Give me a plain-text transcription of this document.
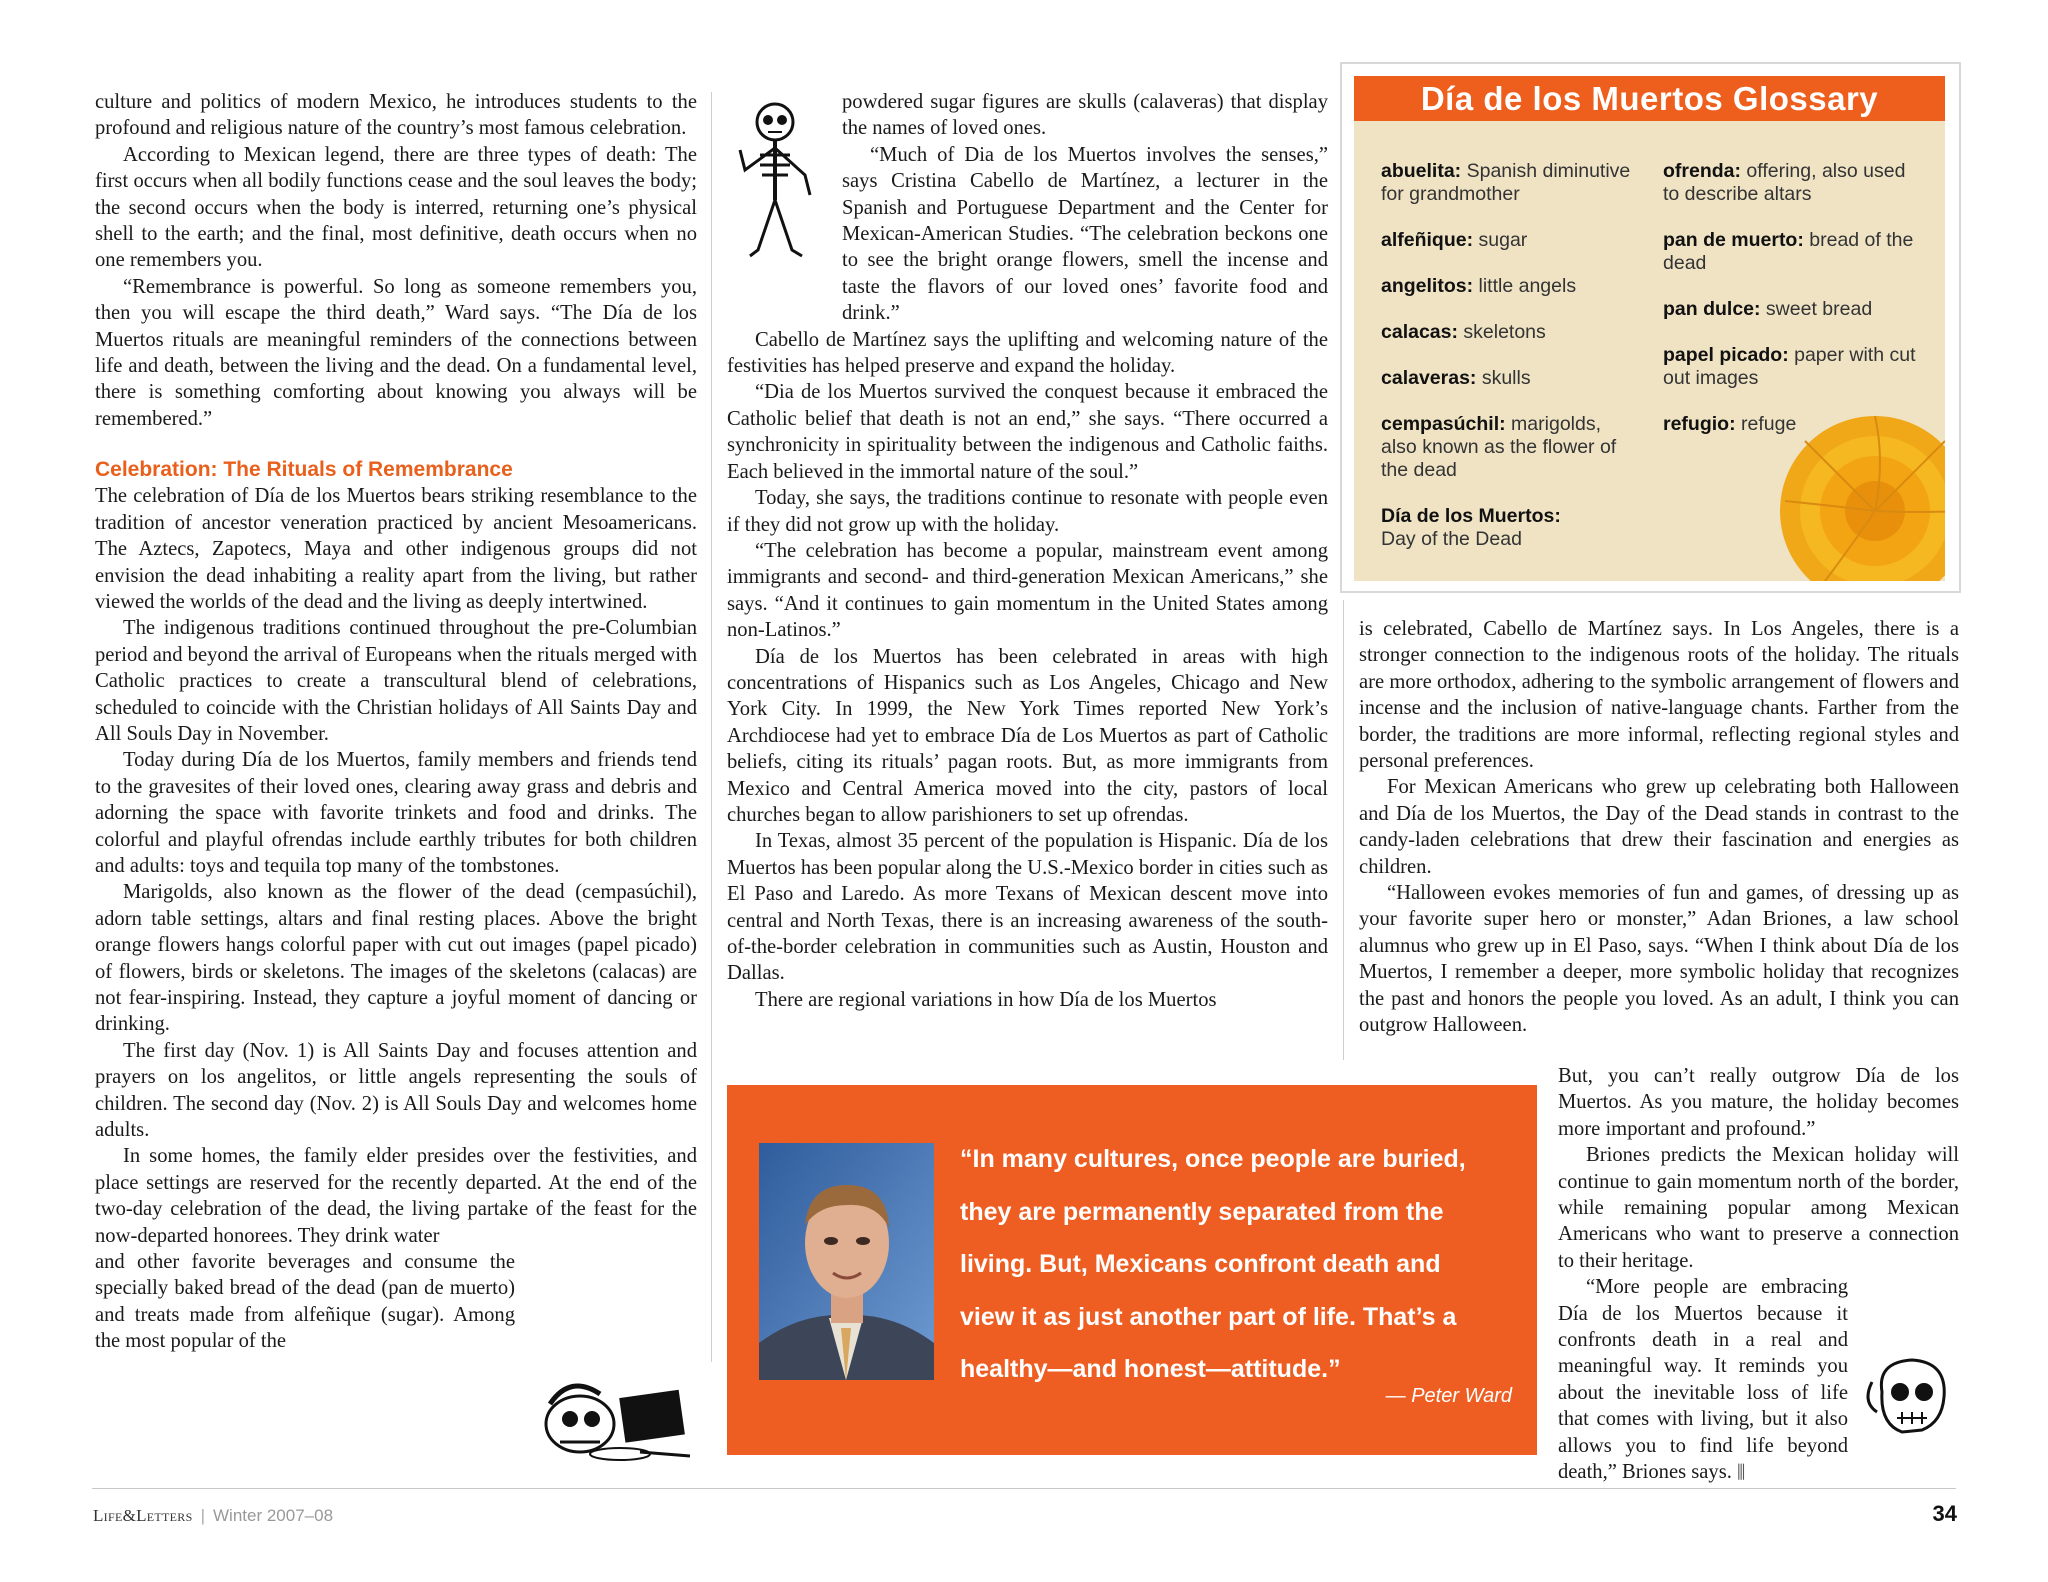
culture and politics of modern Mexico, he introduces students to the profound and religious nature of the country’s most famous celebration.

According to Mexican legend, there are three types of death: The first occurs when all bodily functions cease and the soul leaves the body; the second occurs when the body is interred, returning one’s physical shell to the earth; and the final, most definitive, death occurs when no one remembers you.

“Remembrance is powerful. So long as someone remembers you, then you will escape the third death,” Ward says. “The Día de los Muertos rituals are meaningful reminders of the connections between life and death, between the living and the dead. On a fundamental level, there is something comforting about knowing you always will be remembered.”

Celebration: The Rituals of Remembrance

The celebration of Día de los Muertos bears striking resemblance to the tradition of ancestor veneration practiced by ancient Mesoamericans. The Aztecs, Zapotecs, Maya and other indigenous groups did not envision the dead inhabiting a reality apart from the living, but rather viewed the worlds of the dead and the living as deeply intertwined.

The indigenous traditions continued throughout the pre-Columbian period and beyond the arrival of Europeans when the rituals merged with Catholic practices to create a transcultural blend of celebrations, scheduled to coincide with the Christian holidays of All Saints Day and All Souls Day in November.

Today during Día de los Muertos, family members and friends tend to the gravesites of their loved ones, clearing away grass and debris and adorning the space with favorite trinkets and food and drinks. The colorful and playful ofrendas include earthly tributes for both children and adults: toys and tequila top many of the tombstones.

Marigolds, also known as the flower of the dead (cempasúchil), adorn table settings, altars and final resting places. Above the bright orange flowers hangs colorful paper with cut out images (papel picado) of flowers, birds or skeletons. The images of the skeletons (calacas) are not fear-inspiring. Instead, they capture a joyful moment of dancing or drinking.

The first day (Nov. 1) is All Saints Day and focuses attention and prayers on los angelitos, or little angels representing the souls of children. The second day (Nov. 2) is All Souls Day and welcomes home adults.

In some homes, the family elder presides over the festivities, and place settings are reserved for the recently departed. At the end of the two-day celebration of the dead, the living partake of the feast for the now-departed honorees. They drink water

and other favorite beverages and consume the specially baked bread of the dead (pan de muerto) and treats made from alfeñique (sugar). Among the most popular of the

powdered sugar figures are skulls (calaveras) that display the names of loved ones.

“Much of Dia de los Muertos involves the senses,” says Cristina Cabello de Martínez, a lecturer in the Spanish and Portuguese Department and the Center for Mexican-American Studies. “The celebration beckons one to see the bright orange flowers, smell the incense and taste the flavors of our loved ones’ favorite food and drink.”

Cabello de Martínez says the uplifting and welcoming nature of the festivities has helped preserve and expand the holiday.

“Dia de los Muertos survived the conquest because it embraced the Catholic belief that death is not an end,” she says. “There occurred a synchronicity in spirituality between the indigenous and Catholic faiths. Each believed in the immortal nature of the soul.”

Today, she says, the traditions continue to resonate with people even if they did not grow up with the holiday.

“The celebration has become a popular, mainstream event among immigrants and second- and third-generation Mexican Americans,” she says. “And it continues to gain momentum in the United States among non-Latinos.”

Día de los Muertos has been celebrated in areas with high concentrations of Hispanics such as Los Angeles, Chicago and New York City. In 1999, the New York Times reported New York’s Archdiocese had yet to embrace Día de Los Muertos as part of Catholic beliefs, citing its rituals’ pagan roots. But, as more immigrants from Mexico and Central America moved into the city, pastors of local churches began to allow parishioners to set up ofrendas.

In Texas, almost 35 percent of the population is Hispanic. Día de los Muertos has been popular along the U.S.-Mexico border in cities such as El Paso and Laredo. As more Texans of Mexican descent move into central and North Texas, there is an increasing awareness of the south-of-the-border celebration in communities such as Austin, Houston and Dallas.

There are regional variations in how Día de los Muertos

Día de los Muertos Glossary
abuelita: Spanish diminutive for grandmother
alfeñique: sugar
angelitos: little angels
calacas: skeletons
calaveras: skulls
cempasúchil: marigolds, also known as the flower of the dead
Día de los Muertos:
Day of the Dead
ofrenda: offering, also used to describe altars
pan de muerto: bread of the dead
pan dulce: sweet bread
papel picado: paper with cut out images
refugio: refuge

is celebrated, Cabello de Martínez says. In Los Angeles, there is a stronger connection to the indigenous roots of the holiday. The rituals are more orthodox, adhering to the symbolic arrangement of flowers and incense and the inclusion of native-language chants. Farther from the border, the traditions are more informal, reflecting regional styles and personal preferences.

For Mexican Americans who grew up celebrating both Halloween and Día de los Muertos, the Day of the Dead stands in contrast to the candy-laden celebrations that drew their fascination and energies as children.

“Halloween evokes memories of fun and games, of dressing up as your favorite super hero or monster,” Adan Briones, a law school alumnus who grew up in El Paso, says. “When I think about Día de los Muertos, I remember a deeper, more symbolic holiday that recognizes the past and honors the people you loved. As an adult, I think you can outgrow Halloween.

But, you can’t really outgrow Día de los Muertos. As you mature, the holiday becomes more important and profound.”

Briones predicts the Mexican holiday will continue to gain momentum north of the border, while remaining popular among Mexican Americans who want to preserve a connection to their heritage.

“More people are embracing Día de los Muertos because it confronts death in a real and meaningful way. It reminds you about the inevitable loss of life that comes with living, but it also allows you to find life beyond death,” Briones says. ⫼

“In many cultures, once people are buried, they are permanently separated from the living. But, Mexicans confront death and view it as just another part of life. That’s a healthy—and honest—attitude.”
— Peter Ward
Life&Letters | Winter 2007–08	34
